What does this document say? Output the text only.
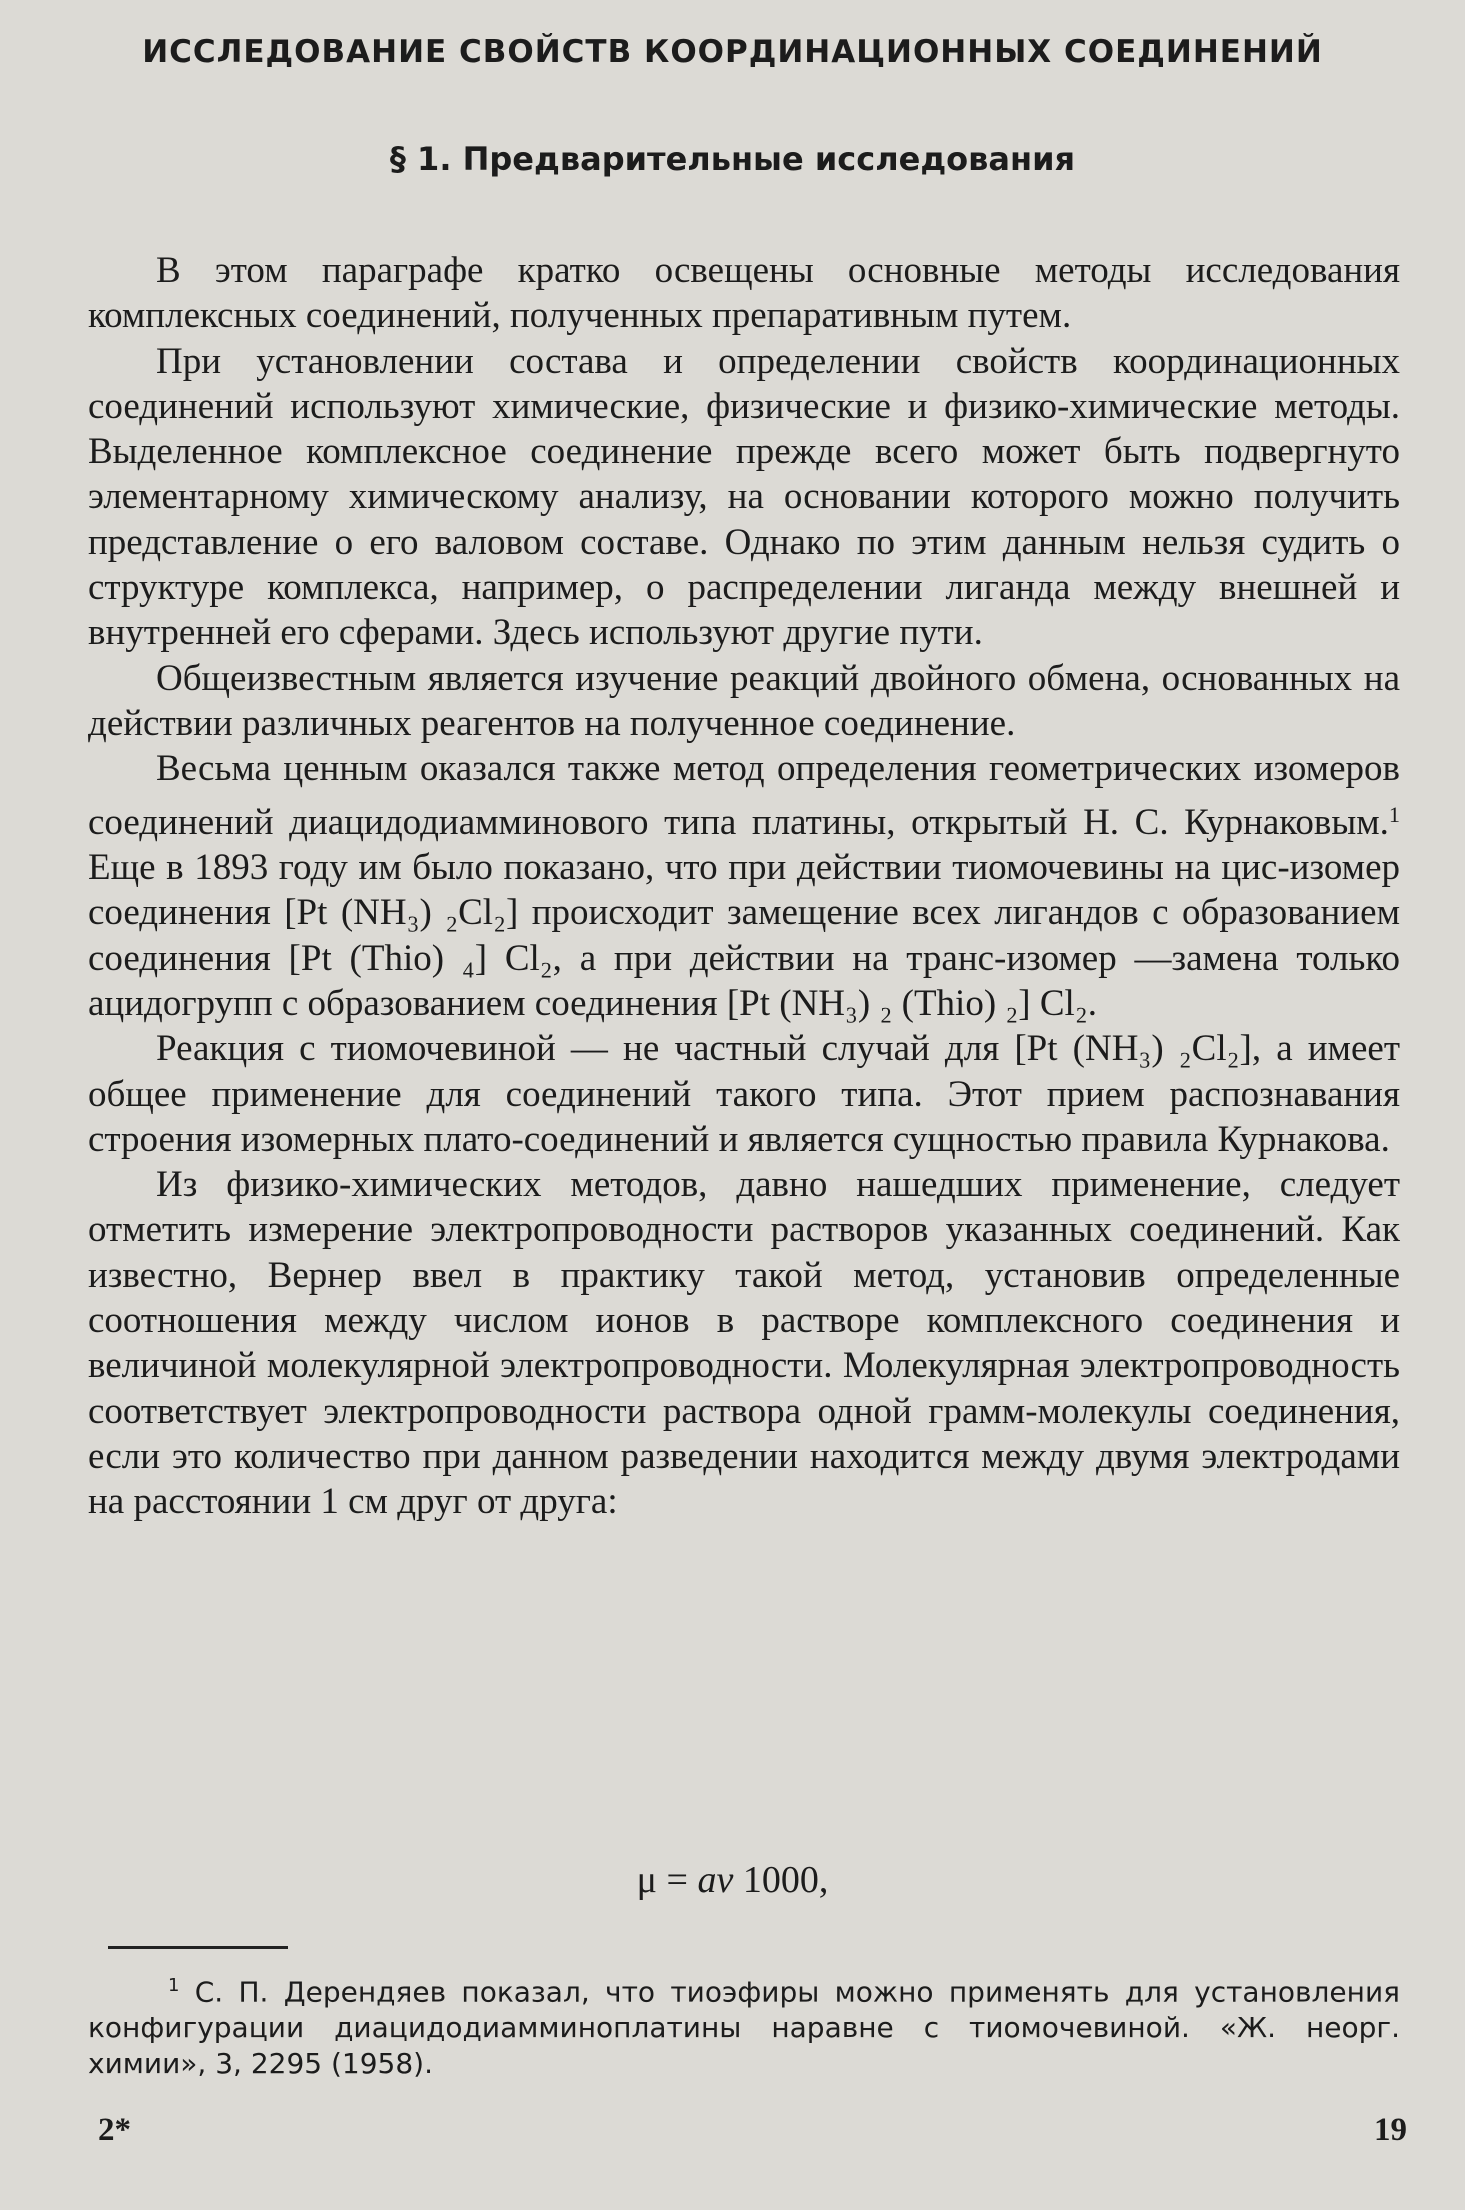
ИССЛЕДОВАНИЕ СВОЙСТВ КООРДИНАЦИОННЫХ СОЕДИНЕНИЙ
§ 1. Предварительные исследования

В этом параграфе кратко освещены основные методы исследования комплексных соединений, полученных препаративным путем.

При установлении состава и определении свойств координационных соединений используют химические, физические и физико-химические методы. Выделенное комплексное соединение прежде всего может быть подвергнуто элементарному химическому анализу, на основании которого можно получить представление о его валовом составе. Однако по этим данным нельзя судить о структуре комплекса, например, о распределении лиганда между внешней и внутренней его сферами. Здесь используют другие пути.

Общеизвестным является изучение реакций двойного обмена, основанных на действии различных реагентов на полученное соединение.

Весьма ценным оказался также метод определения геометрических изомеров соединений диацидодиамминового типа платины, открытый Н. С. Курнаковым.$^1$ Еще в 1893 году им было показано, что при действии тиомочевины на цис-изомер соединения [Pt (NH₃) ₂Cl₂] происходит замещение всех лигандов с образованием соединения [Pt (Thio) ₄] Cl₂, а при действии на транс-изомер —замена только ацидогрупп с образованием соединения [Pt (NH₃) ₂ (Thio) ₂] Cl₂.

Реакция с тиомочевиной — не частный случай для [Pt (NH₃) ₂Cl₂], а имеет общее применение для соединений такого типа. Этот прием распознавания строения изомерных плато-соединений и является сущностью правила Курнакова.

Из физико-химических методов, давно нашедших применение, следует отметить измерение электропроводности растворов указанных соединений. Как известно, Вернер ввел в практику такой метод, установив определенные соотношения между числом ионов в растворе комплексного соединения и величиной молекулярной электропроводности. Молекулярная электропроводность соответствует электропроводности раствора одной грамм-молекулы соединения, если это количество при данном разведении находится между двумя электродами на расстоянии 1 см друг от друга:

μ = av 1000,
$^1$ С. П. Дерендяев показал, что тиоэфиры можно применять для установления конфигурации диацидодиамминоплатины наравне с тиомочевиной. «Ж. неорг. химии», 3, 2295 (1958).
2*	19
